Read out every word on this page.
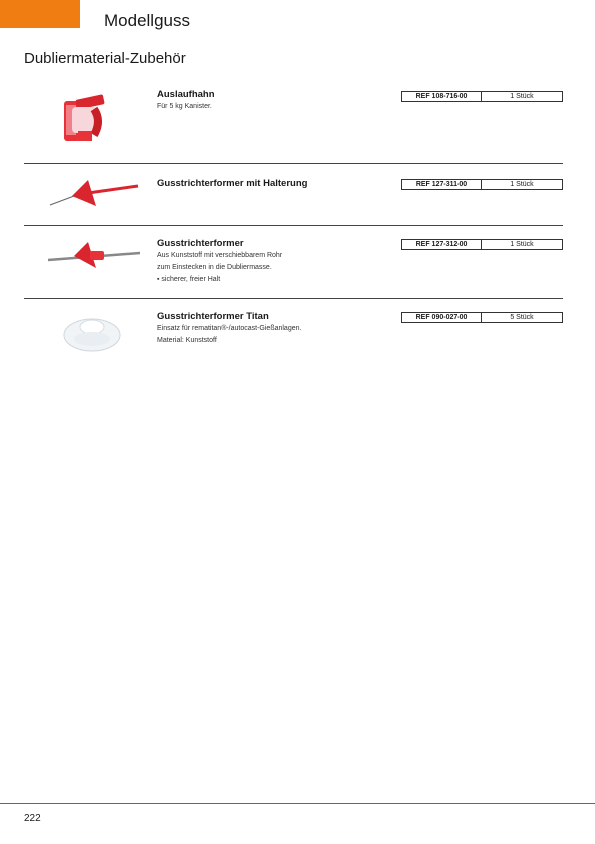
Modellguss
Dubliermaterial-Zubehör
Auslaufhahn
Für 5 kg Kanister.
REF 108-716-00	1 Stück
Gusstrichterformer mit Halterung	REF 127-311-00	1 Stück
Gusstrichterformer
Aus Kunststoff mit verschiebbarem Rohr
zum Einstecken in die Dubliermasse.
▪ sicherer, freier Halt
REF 127-312-00	1 Stück
Gusstrichterformer Titan
Einsatz für rematitan®-/autocast-Gießanlagen.
Material: Kunststoff
REF 090-027-00	5 Stück
222
